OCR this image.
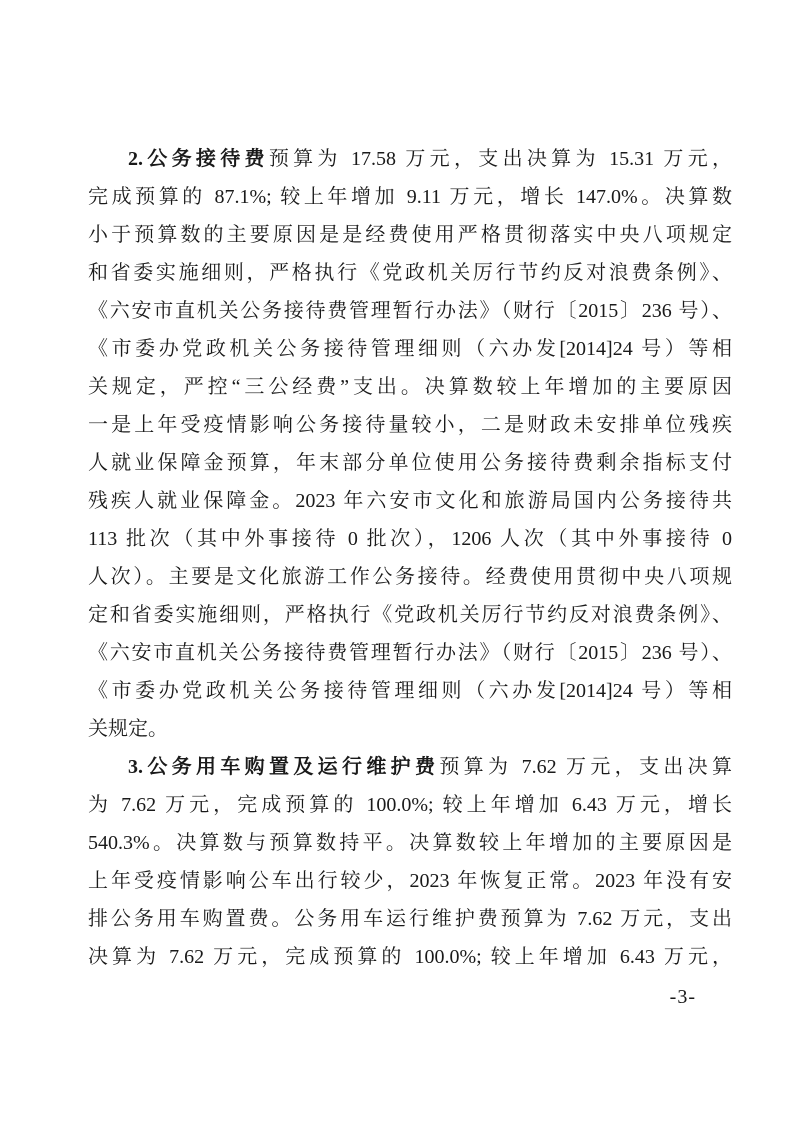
2.公务接待费预算为 17.58 万元，支出决算为 15.31 万元，
完成预算的 87.1%; 较上年增加 9.11 万元，增长 147.0%。决算数
小于预算数的主要原因是是经费使用严格贯彻落实中央八项规定
和省委实施细则，严格执行《党政机关厉行节约反对浪费条例》、
《六安市直机关公务接待费管理暂行办法》（财行〔2015〕236 号）、
《市委办党政机关公务接待管理细则（六办发[2014]24 号）等相
关规定，严控“三公经费”支出。决算数较上年增加的主要原因
一是上年受疫情影响公务接待量较小，二是财政未安排单位残疾
人就业保障金预算，年末部分单位使用公务接待费剩余指标支付
残疾人就业保障金。2023 年六安市文化和旅游局国内公务接待共
113 批次（其中外事接待 0 批次），1206 人次（其中外事接待 0
人次）。主要是文化旅游工作公务接待。经费使用贯彻中央八项规
定和省委实施细则，严格执行《党政机关厉行节约反对浪费条例》、
《六安市直机关公务接待费管理暂行办法》（财行〔2015〕236 号）、
《市委办党政机关公务接待管理细则（六办发[2014]24 号）等相
关规定。
3.公务用车购置及运行维护费预算为 7.62 万元，支出决算
为 7.62 万元，完成预算的 100.0%; 较上年增加 6.43 万元，增长
540.3%。决算数与预算数持平。决算数较上年增加的主要原因是
上年受疫情影响公车出行较少，2023 年恢复正常。2023 年没有安
排公务用车购置费。公务用车运行维护费预算为 7.62 万元，支出
决算为 7.62 万元，完成预算的 100.0%; 较上年增加 6.43 万元，
-3-
